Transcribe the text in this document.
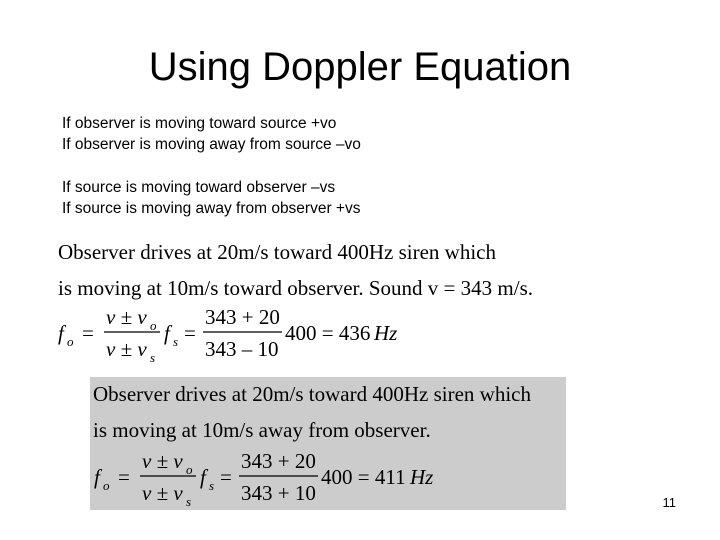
Using Doppler Equation
If observer is moving toward source +vo
If observer is moving away from source –vo
If source is moving toward observer –vs
If source is moving away from observer +vs
Observer drives at 20m/s toward 400Hz siren which
is moving at 10m/s toward observer. Sound v = 343 m/s.
f o =
v ± v o
v ± v s
f s =
343 + 20
343 – 10
400 = 436 Hz
Observer drives at 20m/s toward 400Hz siren which
is moving at 10m/s away from observer.
f o =
v ± v o
v ± v s
f s =
343 + 20
343 + 10
400 = 411 Hz
11
